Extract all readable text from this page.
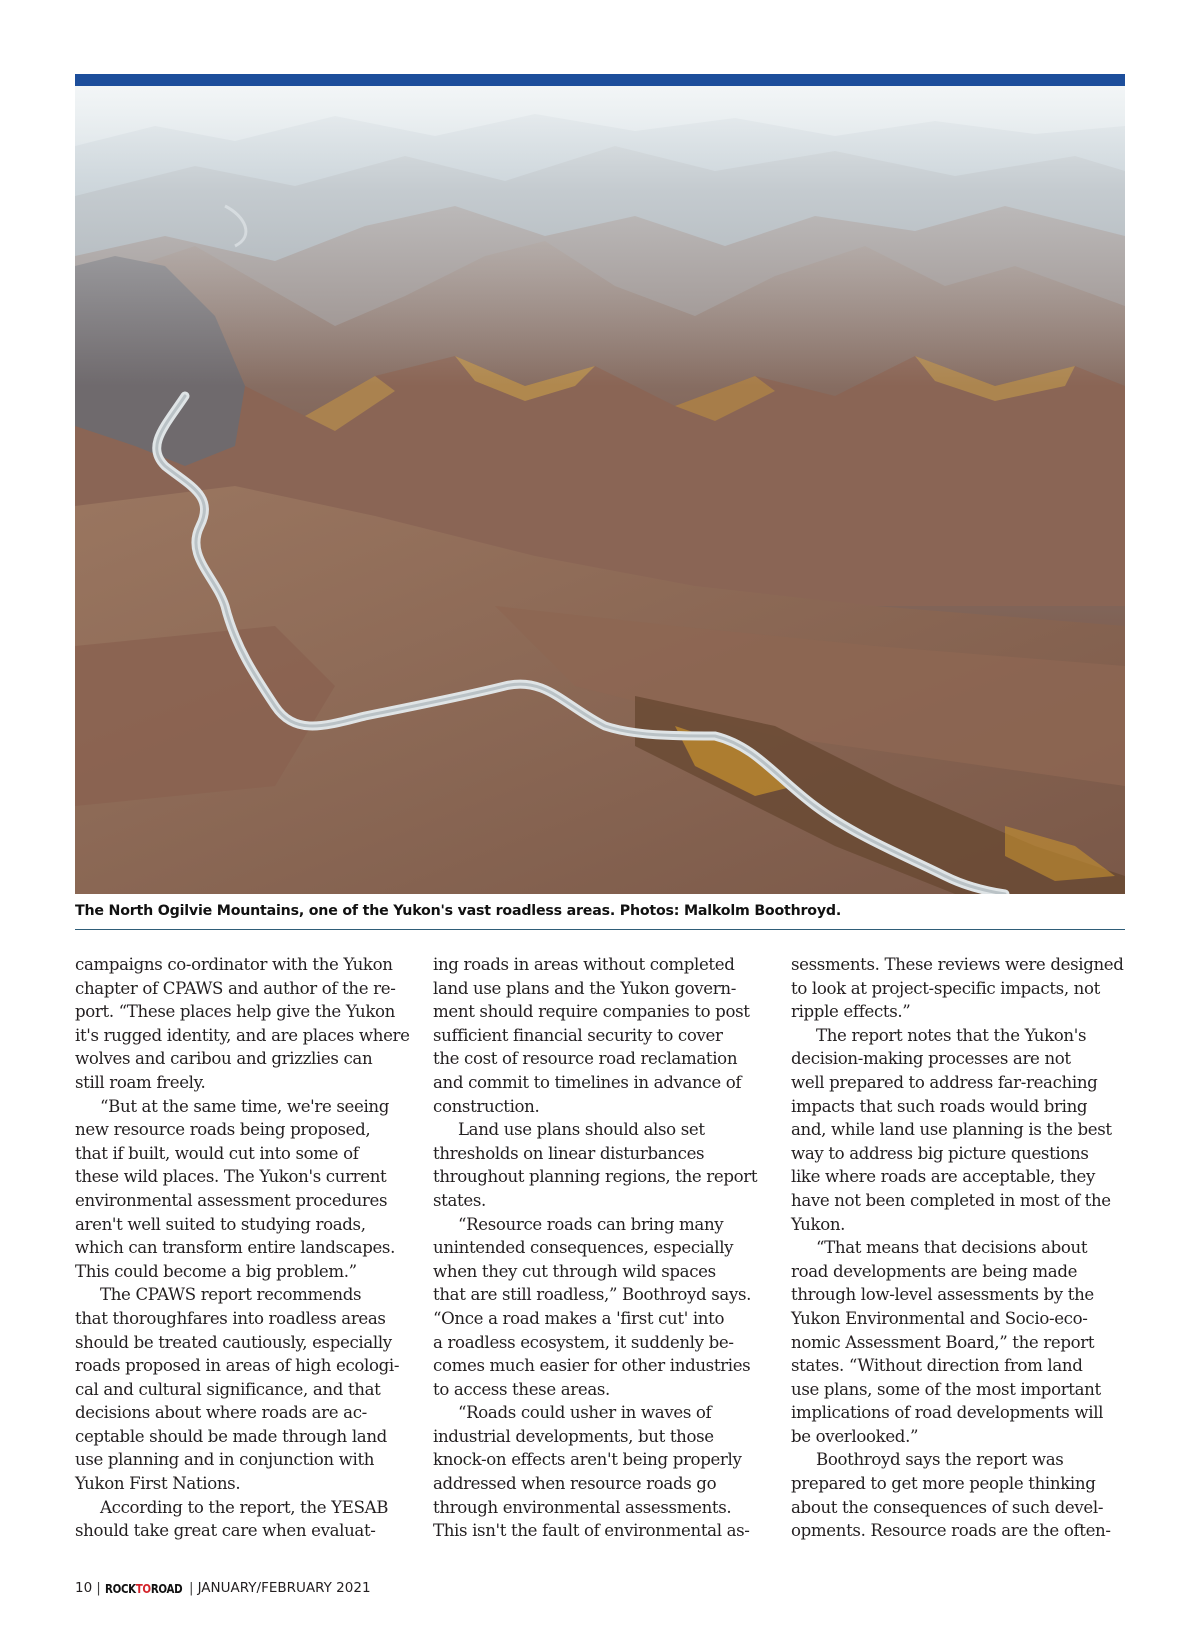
The North Ogilvie Mountains, one of the Yukon's vast roadless areas. Photos: Malkolm Boothroyd.
campaigns co-ordinator with the Yukon
chapter of CPAWS and author of the re-
port. “These places help give the Yukon
it's rugged identity, and are places where
wolves and caribou and grizzlies can
still roam freely.
“But at the same time, we're seeing
new resource roads being proposed,
that if built, would cut into some of
these wild places. The Yukon's current
environmental assessment procedures
aren't well suited to studying roads,
which can transform entire landscapes.
This could become a big problem.”
The CPAWS report recommends
that thoroughfares into roadless areas
should be treated cautiously, especially
roads proposed in areas of high ecologi-
cal and cultural significance, and that
decisions about where roads are ac-
ceptable should be made through land
use planning and in conjunction with
Yukon First Nations.
According to the report, the YESAB
should take great care when evaluat-
ing roads in areas without completed
land use plans and the Yukon govern-
ment should require companies to post
sufficient financial security to cover
the cost of resource road reclamation
and commit to timelines in advance of
construction.
Land use plans should also set
thresholds on linear disturbances
throughout planning regions, the report
states.
“Resource roads can bring many
unintended consequences, especially
when they cut through wild spaces
that are still roadless,” Boothroyd says.
“Once a road makes a 'first cut' into
a roadless ecosystem, it suddenly be-
comes much easier for other industries
to access these areas.
“Roads could usher in waves of
industrial developments, but those
knock-on effects aren't being properly
addressed when resource roads go
through environmental assessments.
This isn't the fault of environmental as-
sessments. These reviews were designed
to look at project-specific impacts, not
ripple effects.”
The report notes that the Yukon's
decision-making processes are not
well prepared to address far-reaching
impacts that such roads would bring
and, while land use planning is the best
way to address big picture questions
like where roads are acceptable, they
have not been completed in most of the
Yukon.
“That means that decisions about
road developments are being made
through low-level assessments by the
Yukon Environmental and Socio-eco-
nomic Assessment Board,” the report
states. “Without direction from land
use plans, some of the most important
implications of road developments will
be overlooked.”
Boothroyd says the report was
prepared to get more people thinking
about the consequences of such devel-
opments. Resource roads are the often-
10 | ROCK TO ROAD | JANUARY/FEBRUARY 2021
